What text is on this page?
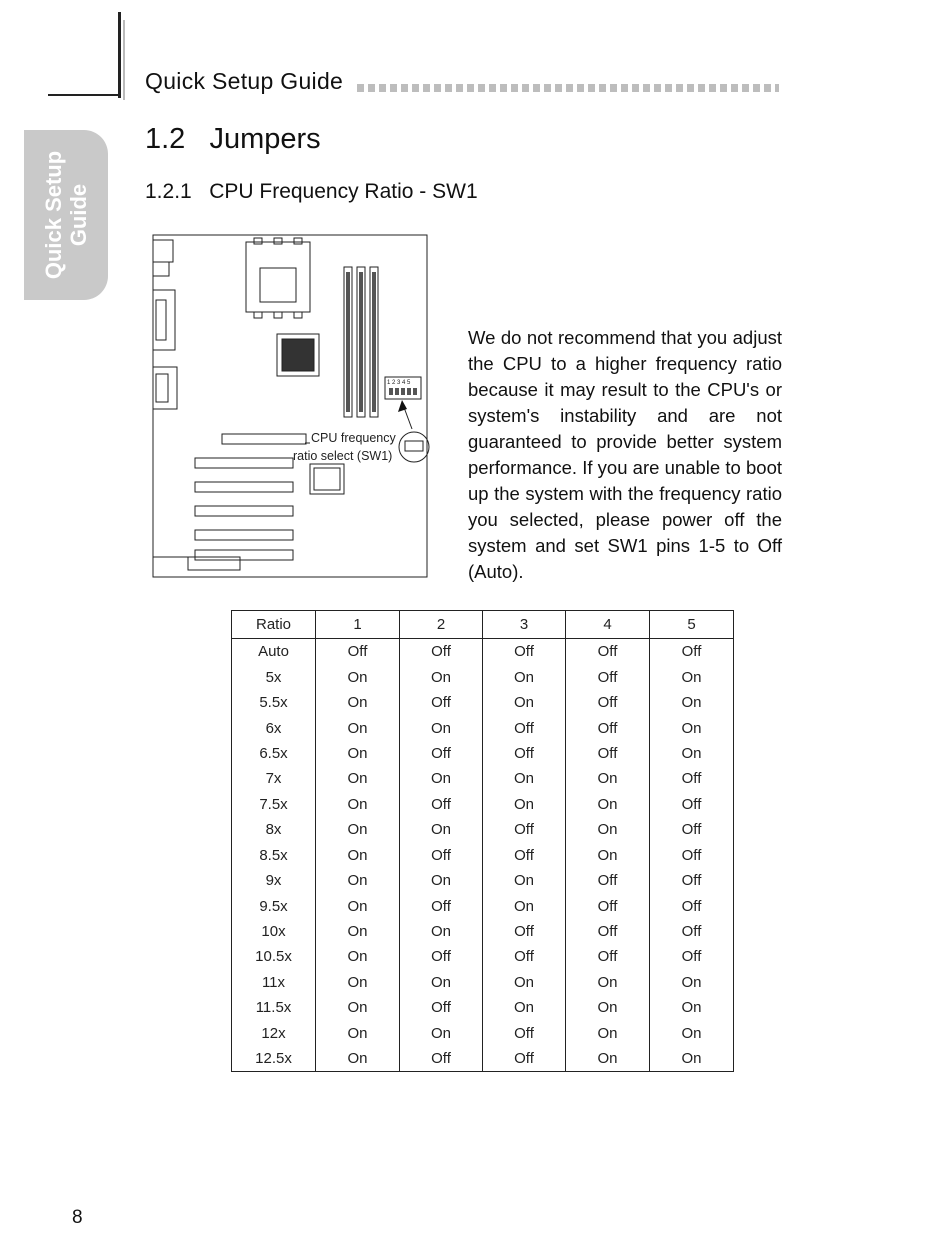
Quick Setup Guide
Quick Setup Guide
1.2   Jumpers
1.2.1   CPU Frequency Ratio - SW1
1 2 3 4 5
CPU frequency
ratio select (SW1)
We do not recommend that you adjust the CPU to a higher frequency ratio because it may result to the CPU's or system's instability and are not guaranteed to provide better system performance. If you are unable to boot up the system with the frequency ratio you selected, please power off the system and set SW1 pins 1-5 to Off (Auto).
Ratio	1	2	3	4	5
Auto	Off	Off	Off	Off	Off
5x	On	On	On	Off	On
5.5x	On	Off	On	Off	On
6x	On	On	Off	Off	On
6.5x	On	Off	Off	Off	On
7x	On	On	On	On	Off
7.5x	On	Off	On	On	Off
8x	On	On	Off	On	Off
8.5x	On	Off	Off	On	Off
9x	On	On	On	Off	Off
9.5x	On	Off	On	Off	Off
10x	On	On	Off	Off	Off
10.5x	On	Off	Off	Off	Off
11x	On	On	On	On	On
11.5x	On	Off	On	On	On
12x	On	On	Off	On	On
12.5x	On	Off	Off	On	On
8
